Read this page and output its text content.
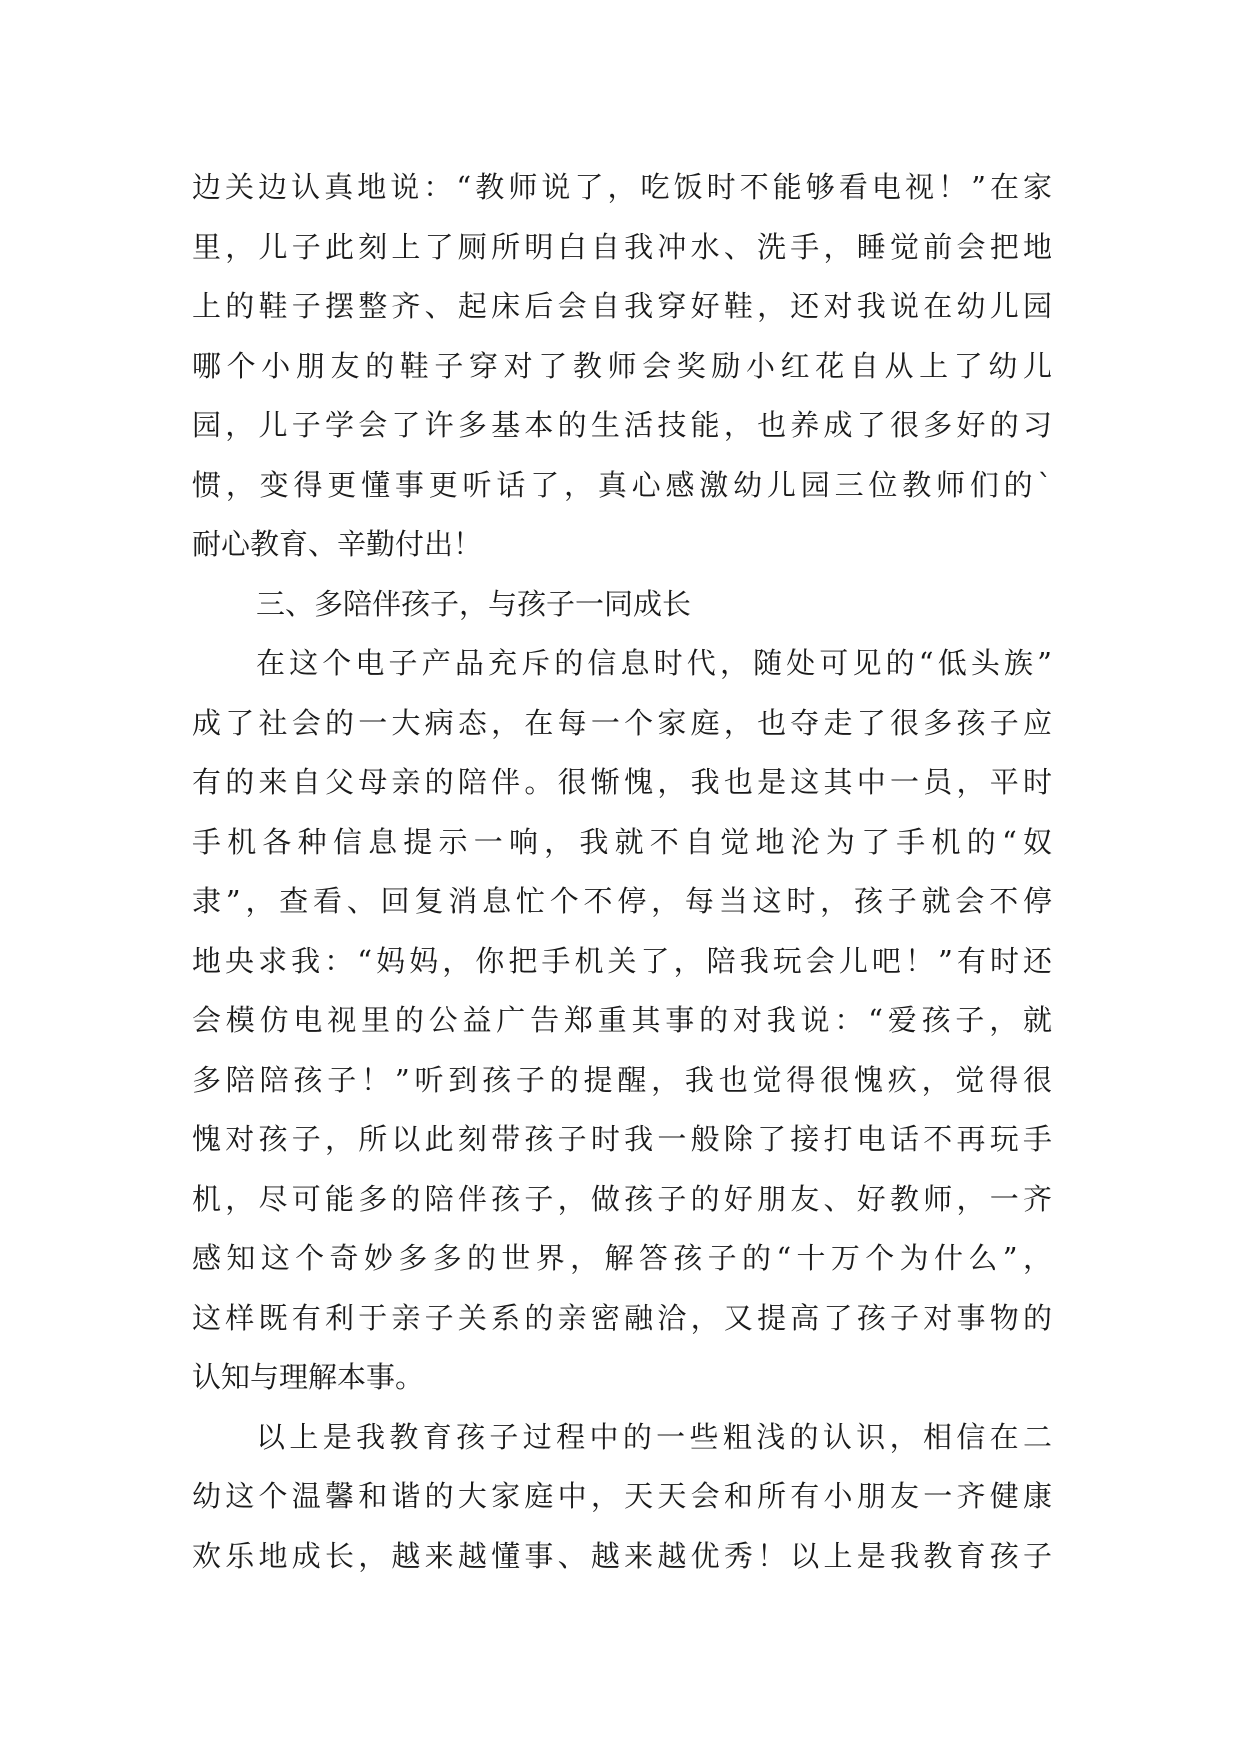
边关边认真地说：“教师说了，吃饭时不能够看电视！”在家
里，儿子此刻上了厕所明白自我冲水、洗手，睡觉前会把地
上的鞋子摆整齐、起床后会自我穿好鞋，还对我说在幼儿园
哪个小朋友的鞋子穿对了教师会奖励小红花自从上了幼儿
园，儿子学会了许多基本的生活技能，也养成了很多好的习
惯，变得更懂事更听话了，真心感激幼儿园三位教师们的`
耐心教育、辛勤付出！
三、多陪伴孩子，与孩子一同成长
在这个电子产品充斥的信息时代，随处可见的“低头族”
成了社会的一大病态，在每一个家庭，也夺走了很多孩子应
有的来自父母亲的陪伴。很惭愧，我也是这其中一员，平时
手机各种信息提示一响，我就不自觉地沦为了手机的“奴
隶”，查看、回复消息忙个不停，每当这时，孩子就会不停
地央求我：“妈妈，你把手机关了，陪我玩会儿吧！”有时还
会模仿电视里的公益广告郑重其事的对我说：“爱孩子，就
多陪陪孩子！”听到孩子的提醒，我也觉得很愧疚，觉得很
愧对孩子，所以此刻带孩子时我一般除了接打电话不再玩手
机，尽可能多的陪伴孩子，做孩子的好朋友、好教师，一齐
感知这个奇妙多多的世界，解答孩子的“十万个为什么”，
这样既有利于亲子关系的亲密融洽，又提高了孩子对事物的
认知与理解本事。
以上是我教育孩子过程中的一些粗浅的认识，相信在二
幼这个温馨和谐的大家庭中，天天会和所有小朋友一齐健康
欢乐地成长，越来越懂事、越来越优秀！以上是我教育孩子
